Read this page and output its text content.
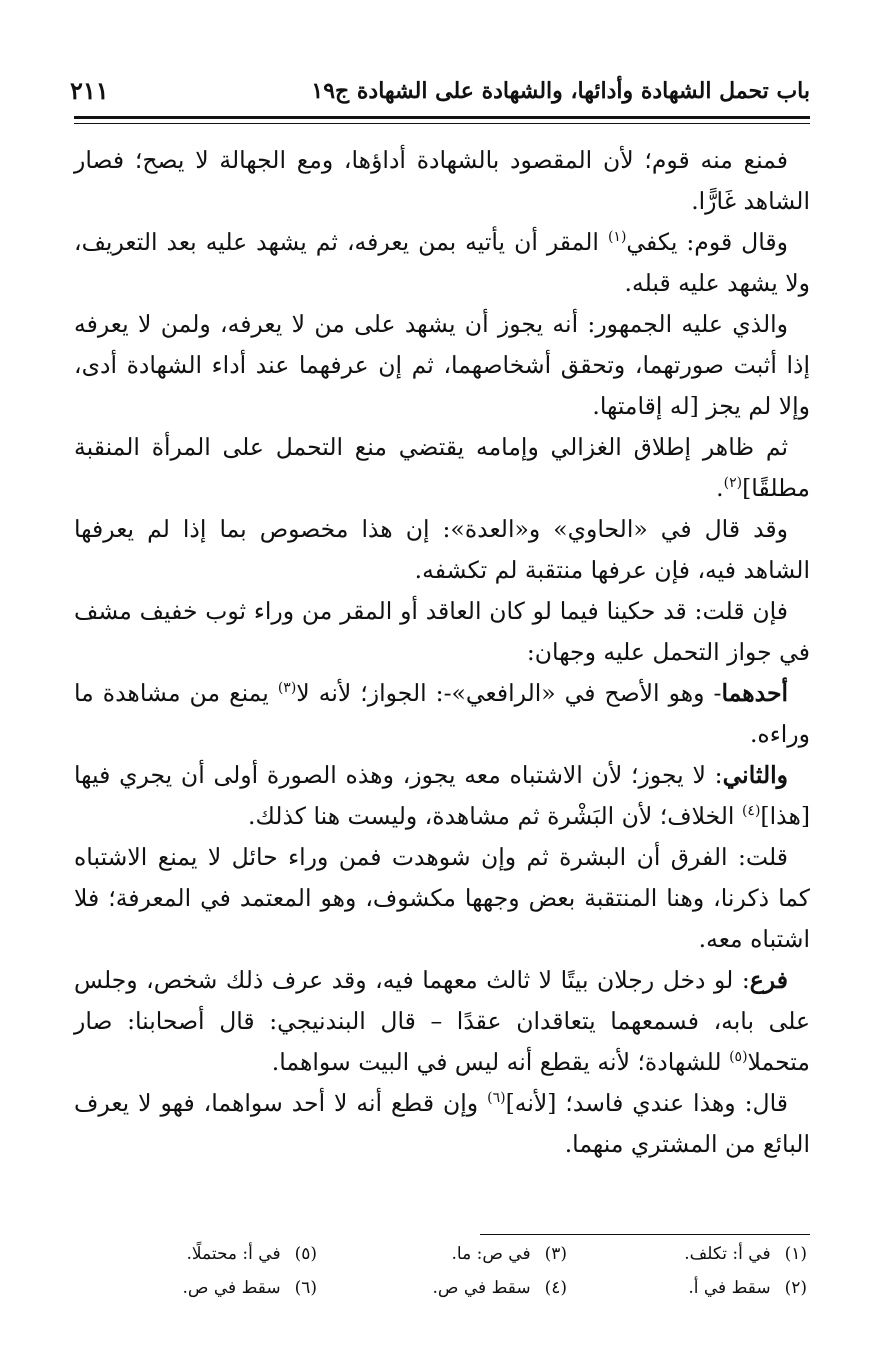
باب تحمل الشهادة وأدائها، والشهادة على الشهادة ج١٩
٢١١

فمنع منه قوم؛ لأن المقصود بالشهادة أداؤها، ومع الجهالة لا يصح؛ فصار الشاهد غَارًّا.

وقال قوم: يكفي$^{(١)}$ المقر أن يأتيه بمن يعرفه، ثم يشهد عليه بعد التعريف، ولا يشهد عليه قبله.

والذي عليه الجمهور: أنه يجوز أن يشهد على من لا يعرفه، ولمن لا يعرفه إذا أثبت صورتهما، وتحقق أشخاصهما، ثم إن عرفهما عند أداء الشهادة أدى، وإلا لم يجز [له إقامتها.

ثم ظاهر إطلاق الغزالي وإمامه يقتضي منع التحمل على المرأة المنقبة مطلقًا]$^{(٢)}$.

وقد قال في «الحاوي» و«العدة»: إن هذا مخصوص بما إذا لم يعرفها الشاهد فيه، فإن عرفها منتقبة لم تكشفه.

فإن قلت: قد حكينا فيما لو كان العاقد أو المقر من وراء ثوب خفيف مشف في جواز التحمل عليه وجهان:

أحدهما- وهو الأصح في «الرافعي»-: الجواز؛ لأنه لا$^{(٣)}$ يمنع من مشاهدة ما وراءه.

والثاني: لا يجوز؛ لأن الاشتباه معه يجوز، وهذه الصورة أولى أن يجري فيها [هذا]$^{(٤)}$ الخلاف؛ لأن البَشْرة ثم مشاهدة، وليست هنا كذلك.

قلت: الفرق أن البشرة ثم وإن شوهدت فمن وراء حائل لا يمنع الاشتباه كما ذكرنا، وهنا المنتقبة بعض وجهها مكشوف، وهو المعتمد في المعرفة؛ فلا اشتباه معه.

فرع: لو دخل رجلان بيتًا لا ثالث معهما فيه، وقد عرف ذلك شخص، وجلس على بابه، فسمعهما يتعاقدان عقدًا – قال البندنيجي: قال أصحابنا: صار متحملا$^{(٥)}$ للشهادة؛ لأنه يقطع أنه ليس في البيت سواهما.

قال: وهذا عندي فاسد؛ [لأنه]$^{(٦)}$ وإن قطع أنه لا أحد سواهما، فهو لا يعرف البائع من المشتري منهما.

(١)في أ: تكلف.
(٢)سقط في أ.
(٣)في ص: ما.
(٤)سقط في ص.
(٥)في أ: محتملًا.
(٦)سقط في ص.
